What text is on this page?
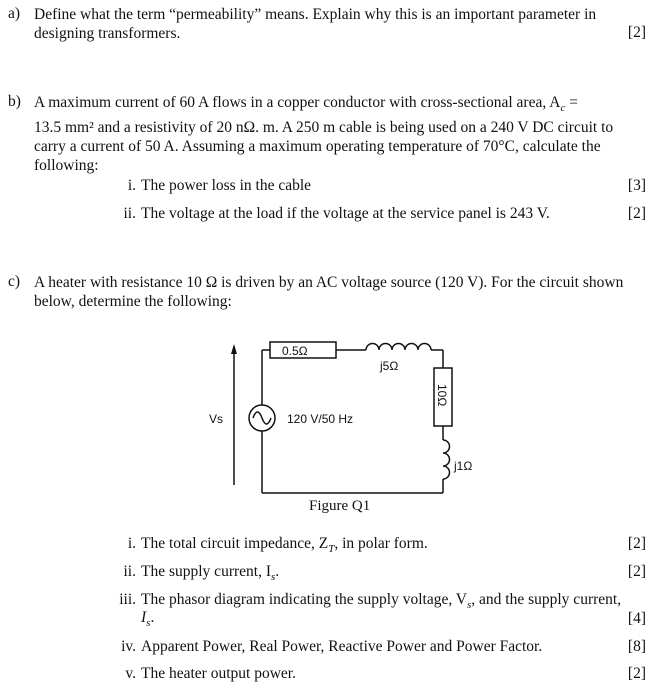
a) Define what the term “permeability” means. Explain why this is an important parameter in
designing transformers.	[2]
b) A maximum current of 60 A flows in a copper conductor with cross-sectional area, $A_c$ =
13.5 mm² and a resistivity of 20 nΩ. m. A 250 m cable is being used on a 240 V DC circuit to
carry a current of 50 A. Assuming a maximum operating temperature of 70°C, calculate the
following:
i. The power loss in the cable	[3]
ii. The voltage at the load if the voltage at the service panel is 243 V.	[2]
c) A heater with resistance 10 Ω is driven by an AC voltage source (120 V). For the circuit shown
below, determine the following:
Vs	120 V/50 Hz
0.5Ω
j5Ω
10Ω
j1Ω
Figure Q1
i. The total circuit impedance, $Z_T$, in polar form.	[2]
ii. The supply current, $I_s$.	[2]
iii. The phasor diagram indicating the supply voltage, $V_s$, and the supply current,
$I_s$.	[4]
iv. Apparent Power, Real Power, Reactive Power and Power Factor.	[8]
v. The heater output power.	[2]
